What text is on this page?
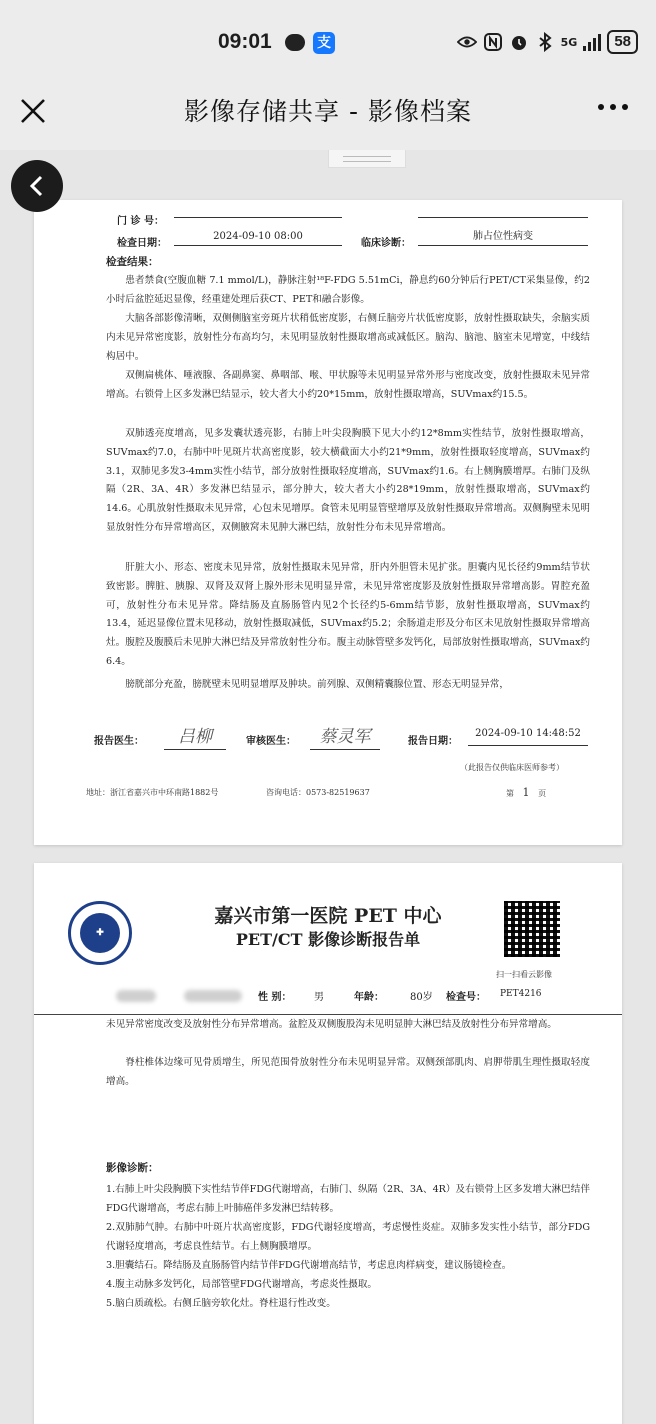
09:01	支	5G	58
影像存储共享 - 影像档案
门 诊 号：
检查日期：
2024-09-10 08:00
临床诊断：
肺占位性病变
检查结果：
患者禁食(空腹血糖 7.1 mmol/L)，静脉注射¹⁸F-FDG 5.51mCi，静息约60分钟后行PET/CT采集显像，约2小时后盆腔延迟显像，经重建处理后获CT、PET和融合影像。
大脑各部影像清晰，双侧侧脑室旁斑片状稍低密度影，右侧丘脑旁片状低密度影，放射性摄取缺失，余脑实质内未见异常密度影，放射性分布高均匀，未见明显放射性摄取增高或减低区。脑沟、脑池、脑室未见增宽，中线结构居中。
双侧扁桃体、唾液腺、各副鼻窦、鼻咽部、喉、甲状腺等未见明显异常外形与密度改变，放射性摄取未见异常增高。右锁骨上区多发淋巴结显示，较大者大小约20*15mm，放射性摄取增高，SUVmax约15.5。
双肺透亮度增高，见多发囊状透亮影，右肺上叶尖段胸膜下见大小约12*8mm实性结节，放射性摄取增高，SUVmax约7.0，右肺中叶见斑片状高密度影，较大横截面大小约21*9mm，放射性摄取轻度增高，SUVmax约3.1，双肺见多发3-4mm实性小结节，部分放射性摄取轻度增高，SUVmax约1.6。右上侧胸膜增厚。右肺门及纵隔（2R、3A、4R）多发淋巴结显示，部分肿大，较大者大小约28*19mm，放射性摄取增高，SUVmax约14.6。心肌放射性摄取未见异常，心包未见增厚。食管未见明显管壁增厚及放射性摄取异常增高。双侧胸壁未见明显放射性分布异常增高区，双侧腋窝未见肿大淋巴结，放射性分布未见异常增高。
肝脏大小、形态、密度未见异常，放射性摄取未见异常，肝内外胆管未见扩张。胆囊内见长径约9mm结节状致密影。脾脏、胰腺、双肾及双肾上腺外形未见明显异常，未见异常密度影及放射性摄取异常增高影。胃腔充盈可，放射性分布未见异常。降结肠及直肠肠管内见2个长径约5-6mm结节影，放射性摄取增高，SUVmax约13.4，延迟显像位置未见移动，放射性摄取减低，SUVmax约5.2；余肠道走形及分布区未见放射性摄取异常增高灶。腹腔及腹膜后未见肿大淋巴结及异常放射性分布。腹主动脉管壁多发钙化，局部放射性摄取增高，SUVmax约6.4。
膀胱部分充盈，膀胱壁未见明显增厚及肿块。前列腺、双侧精囊腺位置、形态无明显异常，
报告医生：	吕柳	审核医生：	蔡灵军	报告日期：
2024-09-10 14:48:52
（此报告仅供临床医师参考）
地址：浙江省嘉兴市中环南路1882号	咨询电话：0573-82519637	第 1 页
✚
嘉兴市第一医院 PET 中心
PET/CT 影像诊断报告单
扫一扫看云影像
性 别： 男	年龄：	80岁 检查号： PET4216
未见异常密度改变及放射性分布异常增高。盆腔及双侧腹股沟未见明显肿大淋巴结及放射性分布异常增高。
脊柱椎体边缘可见骨质增生，所见范围骨放射性分布未见明显异常。双侧颈部肌肉、肩胛带肌生理性摄取轻度增高。
影像诊断：
1.右肺上叶尖段胸膜下实性结节伴FDG代谢增高，右肺门、纵隔（2R、3A、4R）及右锁骨上区多发增大淋巴结伴FDG代谢增高，考虑右肺上叶肺癌伴多发淋巴结转移。
2.双肺肺气肿。右肺中叶斑片状高密度影，FDG代谢轻度增高，考虑慢性炎症。双肺多发实性小结节，部分FDG代谢轻度增高，考虑良性结节。右上侧胸膜增厚。
3.胆囊结石。降结肠及直肠肠管内结节伴FDG代谢增高结节，考虑息肉样病变，建议肠镜检查。
4.腹主动脉多发钙化，局部管壁FDG代谢增高，考虑炎性摄取。
5.脑白质疏松。右侧丘脑旁软化灶。脊柱退行性改变。
